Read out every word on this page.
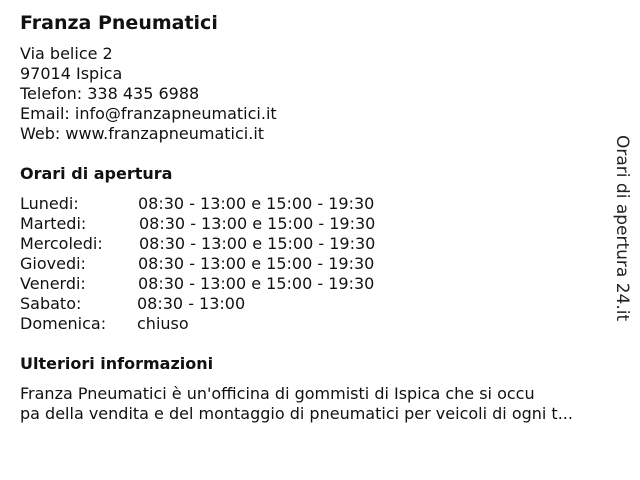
Franza Pneumatici
Via belice 2
97014 Ispica
Telefon: 338 435 6988
Email: info@franzapneumatici.it
Web: www.franzapneumatici.it
Orari di apertura
Lunedi:	08:30 - 13:00 e 15:00 - 19:30
Martedi:	08:30 - 13:00 e 15:00 - 19:30
Mercoledi: 08:30 - 13:00 e 15:00 - 19:30
Giovedi:	08:30 - 13:00 e 15:00 - 19:30
Venerdi:	08:30 - 13:00 e 15:00 - 19:30
Sabato:	08:30 - 13:00
Domenica: chiuso
Ulteriori informazioni
Franza Pneumatici è un'officina di gommisti di Ispica che si occu
pa della vendita e del montaggio di pneumatici per veicoli di ogni t...
Orari di apertura 24.it
